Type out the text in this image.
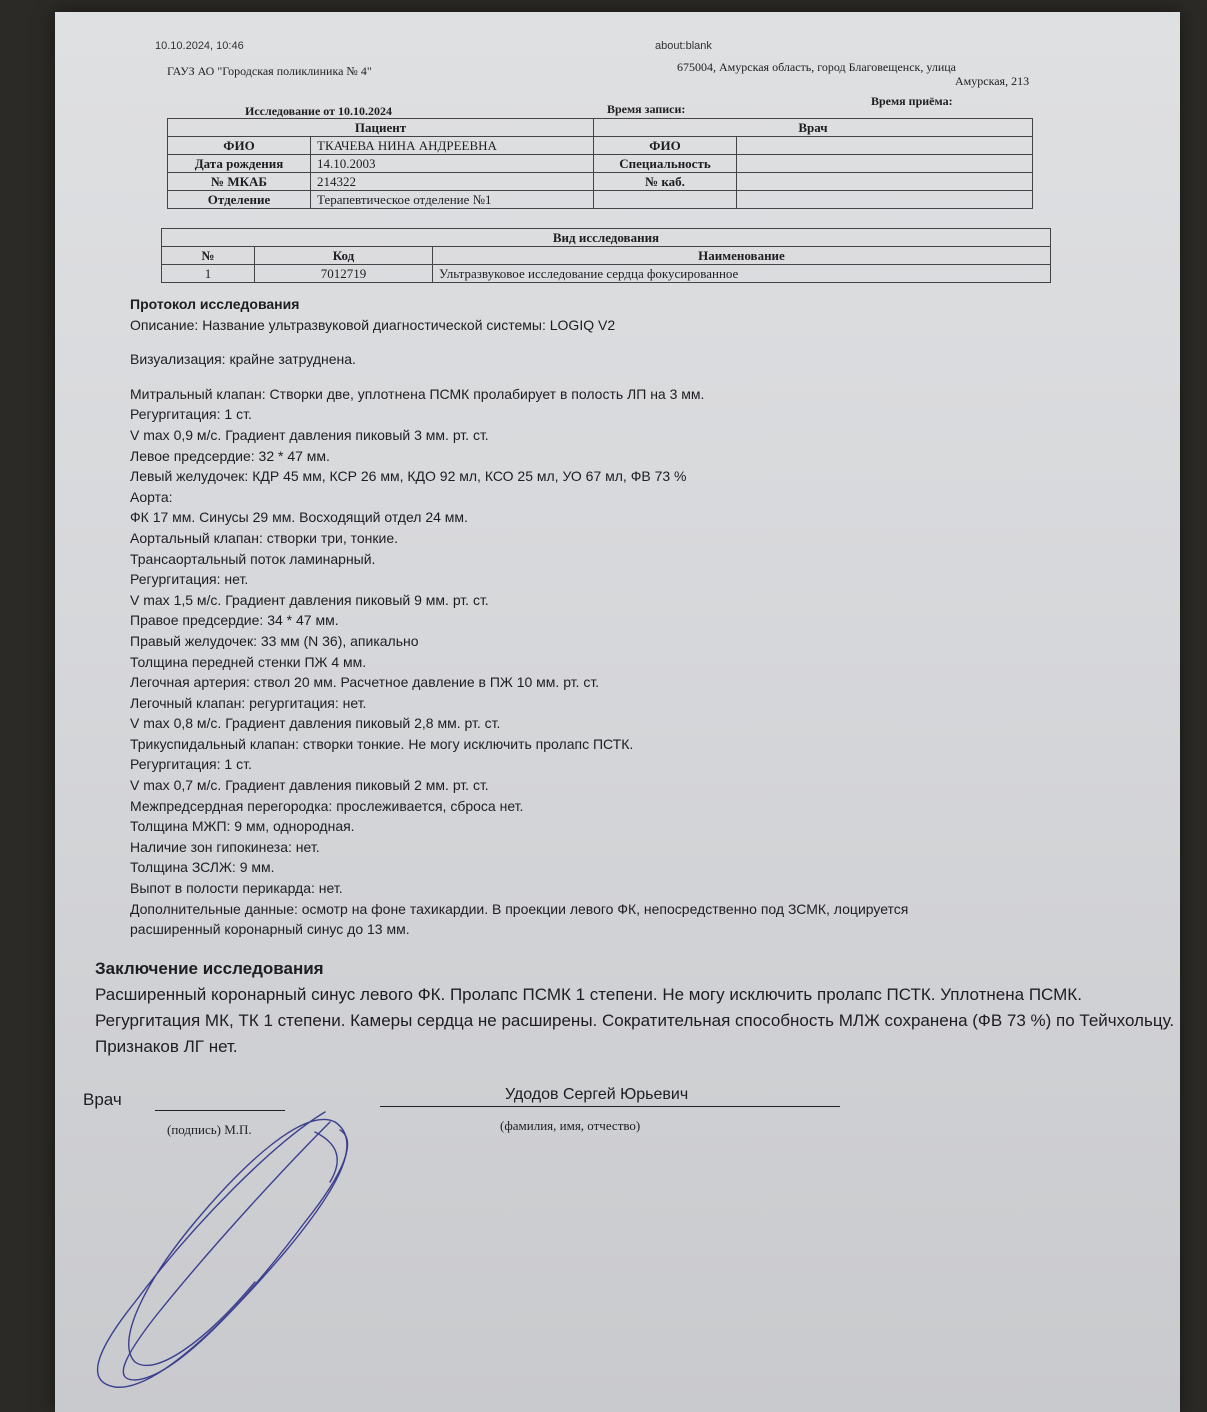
10.10.2024, 10:46	about:blank
ГАУЗ АО "Городская поликлиника № 4"	675004, Амурская область, город Благовещенск, улица
Амурская, 213
Исследование от 10.10.2024	Время записи:
Время приёма:
Пациент		Врач	
ФИО	ТКАЧЕВА НИНА АНДРЕЕВНА	ФИО	
Дата рождения	14.10.2003	Специальность	
№ МКАБ	214322	№ каб.	
Отделение	Терапевтическое отделение №1		
Вид исследования		
№	Код	Наименование
1	7012719	Ультразвуковое исследование сердца фокусированное
Протокол исследования
Описание: Название ультразвуковой диагностической системы: LOGIQ V2
Визуализация: крайне затруднена.
Митральный клапан: Створки две, уплотнена ПСМК пролабирует в полость ЛП на 3 мм.
Регургитация: 1 ст.
V max 0,9 м/с. Градиент давления пиковый 3 мм. рт. ст.
Левое предсердие: 32 * 47 мм.
Левый желудочек: КДР 45 мм, КСР 26 мм, КДО 92 мл, КСО 25 мл, УО 67 мл, ФВ 73 %
Аорта:
ФК 17 мм. Синусы 29 мм. Восходящий отдел 24 мм.
Аортальный клапан: створки три, тонкие.
Трансаортальный поток ламинарный.
Регургитация: нет.
V max 1,5 м/с. Градиент давления пиковый 9 мм. рт. ст.
Правое предсердие: 34 * 47 мм.
Правый желудочек: 33 мм (N 36), апикально
Толщина передней стенки ПЖ 4 мм.
Легочная артерия: ствол 20 мм. Расчетное давление в ПЖ 10 мм. рт. ст.
Легочный клапан: регургитация: нет.
V max 0,8 м/с. Градиент давления пиковый 2,8 мм. рт. ст.
Трикуспидальный клапан: створки тонкие. Не могу исключить пролапс ПСТК.
Регургитация: 1 ст.
V max 0,7 м/с. Градиент давления пиковый 2 мм. рт. ст.
Межпредсердная перегородка: прослеживается, сброса нет.
Толщина МЖП: 9 мм, однородная.
Наличие зон гипокинеза: нет.
Толщина ЗСЛЖ: 9 мм.
Выпот в полости перикарда: нет.
Дополнительные данные: осмотр на фоне тахикардии. В проекции левого ФК, непосредственно под ЗСМК, лоцируется
расширенный коронарный синус до 13 мм.
Заключение исследования
Расширенный коронарный синус левого ФК. Пролапс ПСМК 1 степени. Не могу исключить пролапс ПСТК. Уплотнена ПСМК. Регургитация МК, ТК 1 степени. Камеры сердца не расширены. Сократительная способность МЛЖ сохранена (ФВ 73 %) по Тейчхольцу. Признаков ЛГ нет.
Врач
(подпись) М.П.
Удодов Сергей Юрьевич
(фамилия, имя, отчество)
